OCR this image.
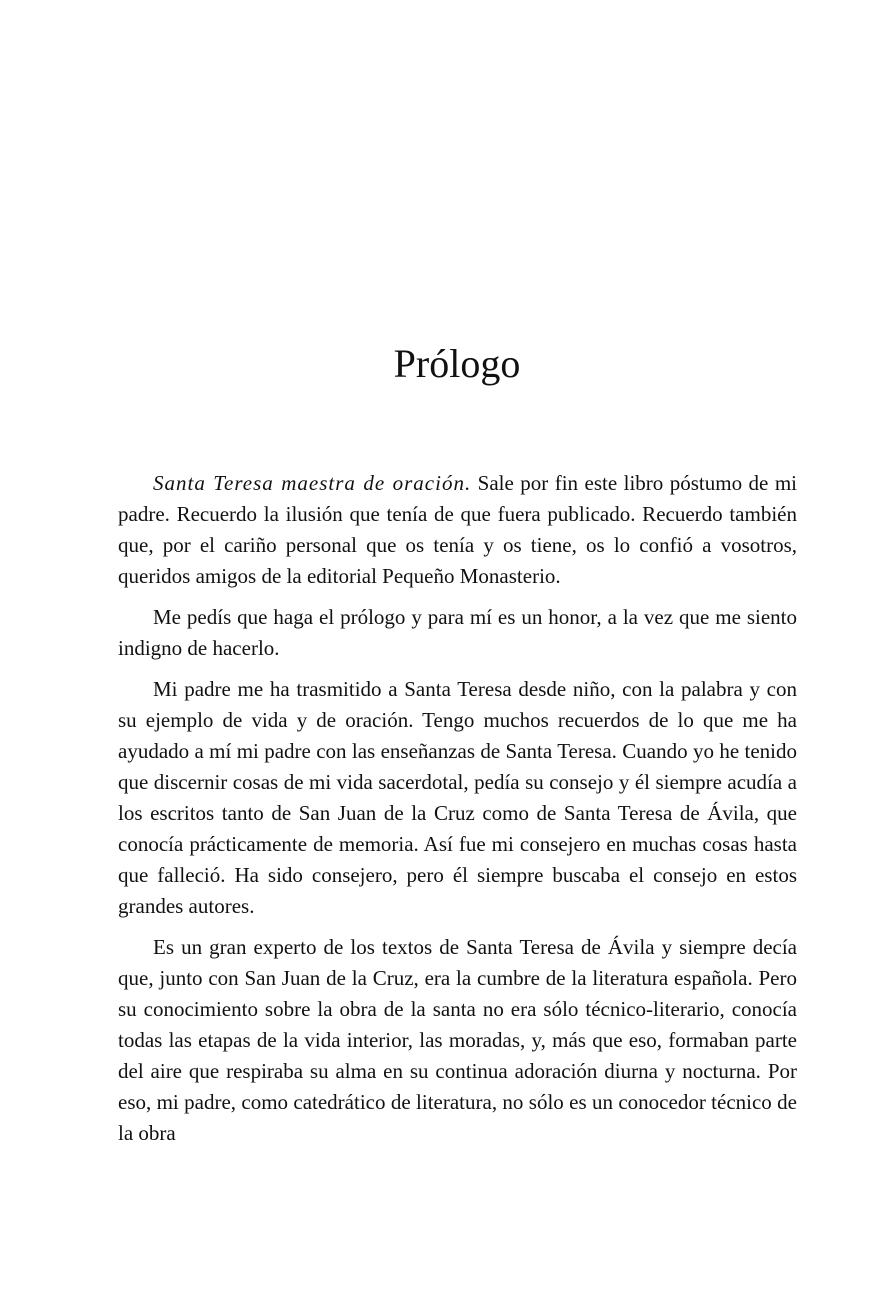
Prólogo

Santa Teresa maestra de oración. Sale por fin este libro póstumo de mi padre. Recuerdo la ilusión que tenía de que fuera publicado. Recuerdo también que, por el cariño personal que os tenía y os tiene, os lo confió a vosotros, queridos amigos de la editorial Pequeño Monasterio.

Me pedís que haga el prólogo y para mí es un honor, a la vez que me siento indigno de hacerlo.

Mi padre me ha trasmitido a Santa Teresa desde niño, con la palabra y con su ejemplo de vida y de oración. Tengo muchos recuerdos de lo que me ha ayudado a mí mi padre con las enseñanzas de Santa Teresa. Cuando yo he tenido que discernir cosas de mi vida sacerdotal, pedía su consejo y él siempre acudía a los escritos tanto de San Juan de la Cruz como de Santa Teresa de Ávila, que conocía prácticamente de memoria. Así fue mi consejero en muchas cosas hasta que falleció. Ha sido consejero, pero él siempre buscaba el consejo en estos grandes autores.

Es un gran experto de los textos de Santa Teresa de Ávila y siempre decía que, junto con San Juan de la Cruz, era la cumbre de la literatura española. Pero su conocimiento sobre la obra de la santa no era sólo técnico-literario, conocía todas las etapas de la vida interior, las moradas, y, más que eso, formaban parte del aire que respiraba su alma en su continua adoración diurna y nocturna. Por eso, mi padre, como catedrático de literatura, no sólo es un conocedor técnico de la obra
